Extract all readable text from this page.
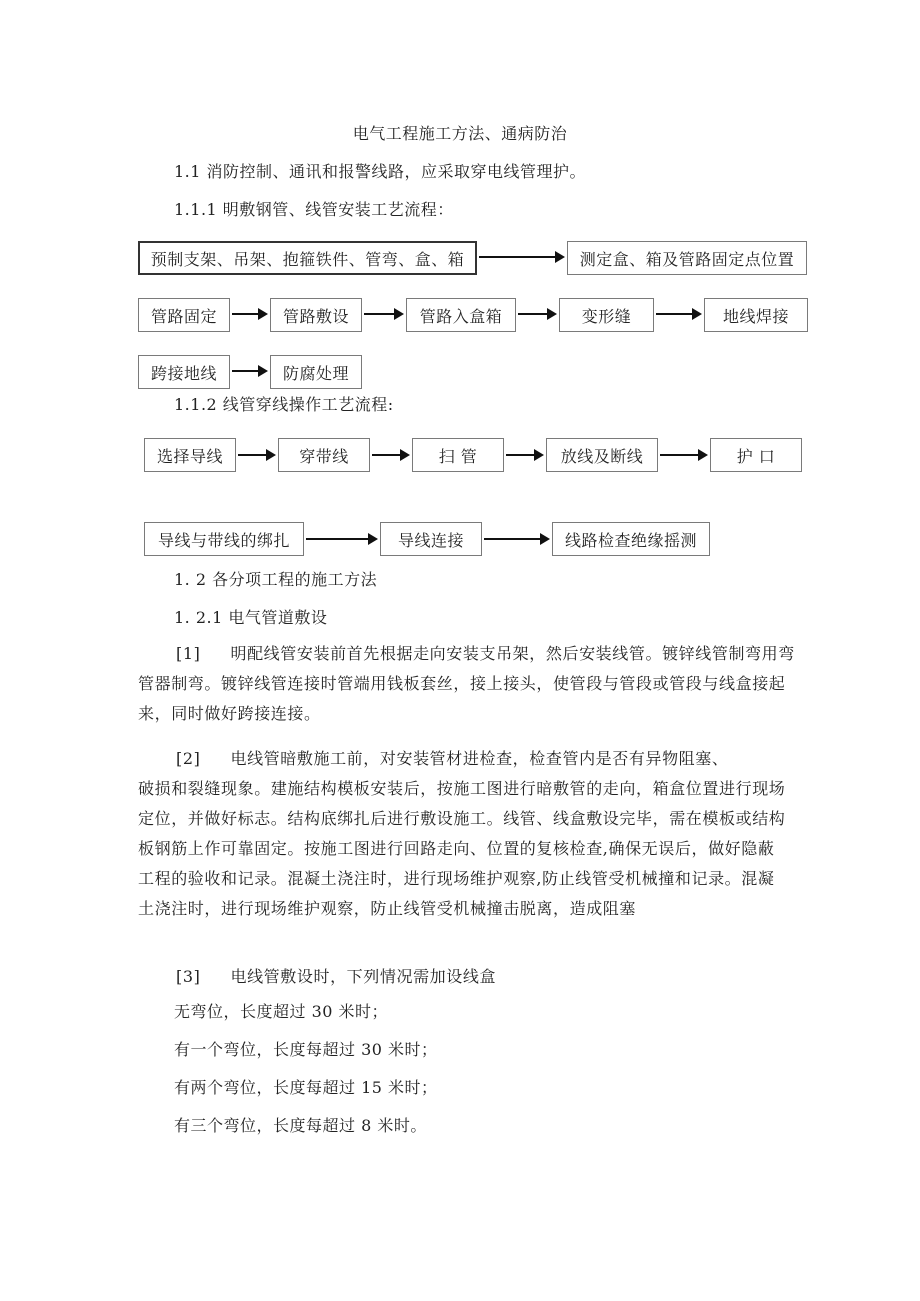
电气工程施工方法、通病防治
1.1 消防控制、通讯和报警线路，应采取穿电线管理护。
1.1.1 明敷钢管、线管安装工艺流程：
预制支架、吊架、抱箍铁件、管弯、盒、箱	测定盒、箱及管路固定点位置
管路固定	管路敷设	管路入盒箱	变形缝	地线焊接
跨接地线	防腐处理
1.1.2 线管穿线操作工艺流程:
选择导线	穿带线	扫 管	放线及断线	护 口
导线与带线的绑扎	导线连接	线路检查绝缘摇测
1. 2 各分项工程的施工方法
1. 2.1 电气管道敷设
[1] 明配线管安装前首先根据走向安装支吊架，然后安装线管。镀锌线管制弯用弯
管器制弯。镀锌线管连接时管端用钱板套丝，接上接头，使管段与管段或管段与线盒接起
来，同时做好跨接连接。
[2] 电线管暗敷施工前，对安装管材进检查，检查管内是否有异物阻塞、
破损和裂缝现象。建施结构模板安装后，按施工图进行暗敷管的走向，箱盒位置进行现场
定位，并做好标志。结构底绑扎后进行敷设施工。线管、线盒敷设完毕，需在模板或结构
板钢筋上作可靠固定。按施工图进行回路走向、位置的复核检查,确保无误后，做好隐蔽
工程的验收和记录。混凝土浇注时，进行现场维护观察,防止线管受机械撞和记录。混凝
土浇注时，进行现场维护观察，防止线管受机械撞击脱离，造成阻塞
[3] 电线管敷设时，下列情况需加设线盒
无弯位，长度超过 30 米时；
有一个弯位，长度每超过 30 米时；
有两个弯位，长度每超过 15 米时；
有三个弯位，长度每超过 8 米时。
